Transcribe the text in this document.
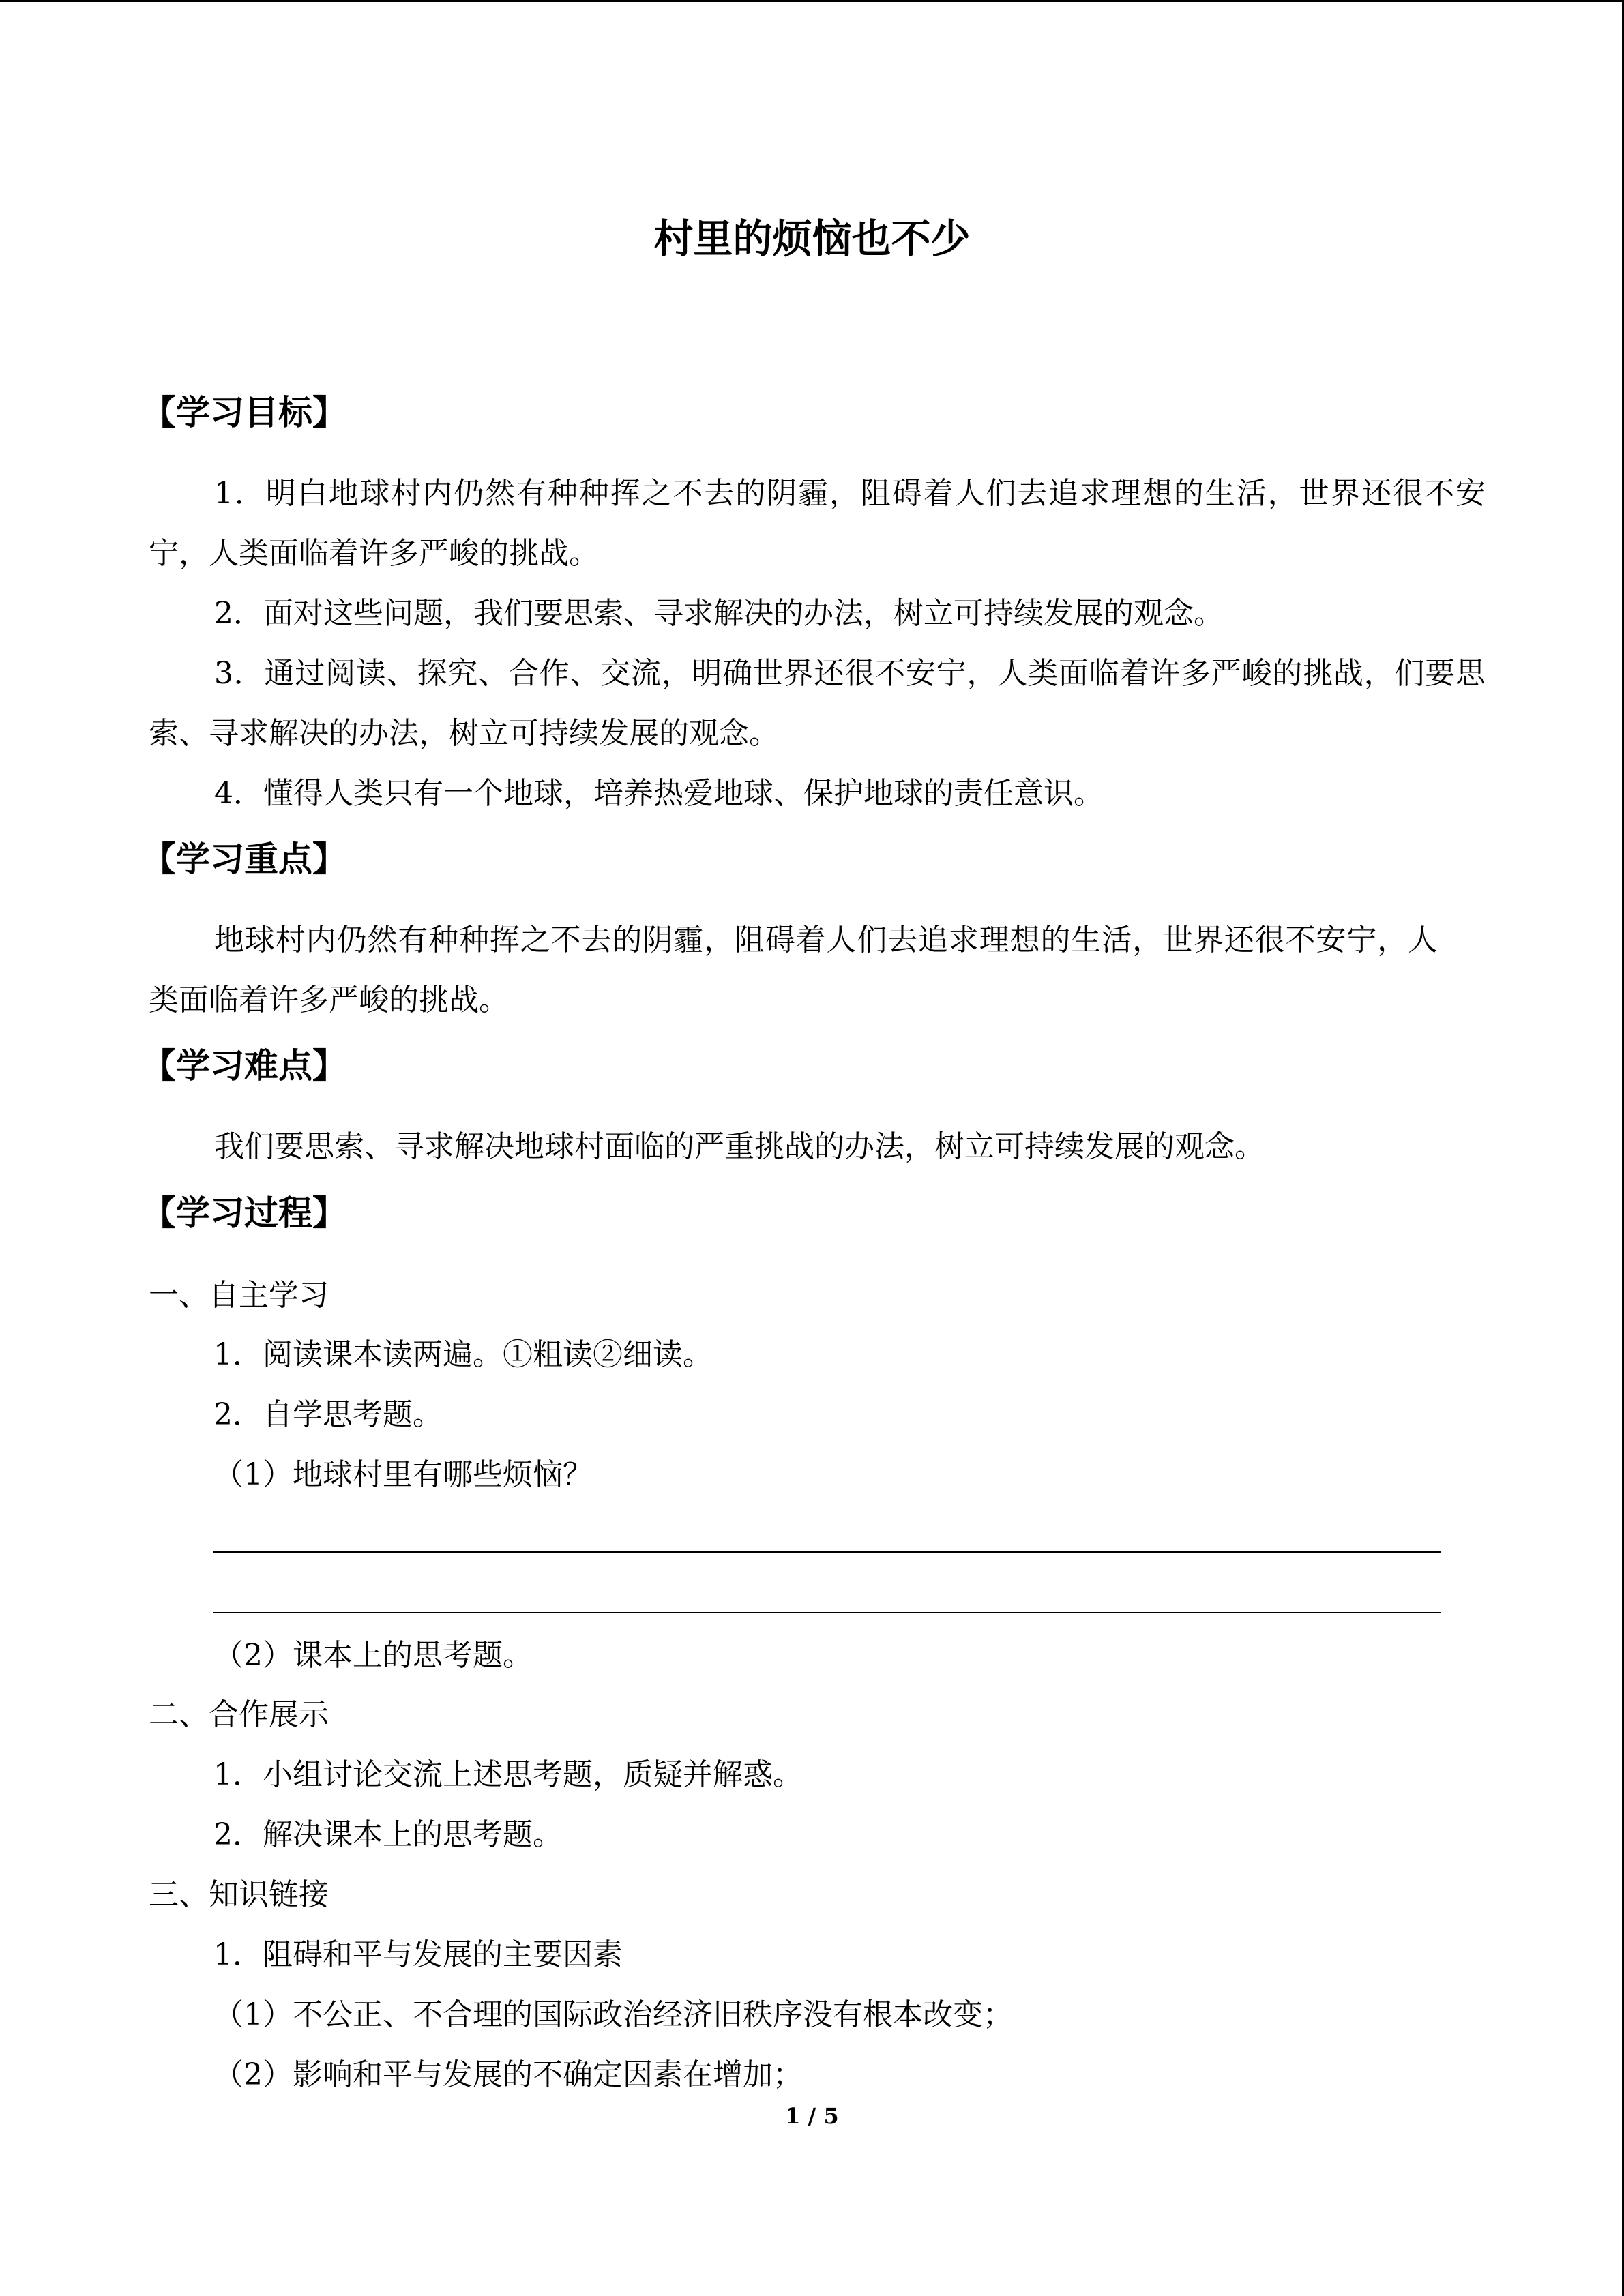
村里的烦恼也不少
【学习目标】
1．明白地球村内仍然有种种挥之不去的阴霾，阻碍着人们去追求理想的生活，世界还很不安宁，人类面临着许多严峻的挑战。
2．面对这些问题，我们要思索、寻求解决的办法，树立可持续发展的观念。
3．通过阅读、探究、合作、交流，明确世界还很不安宁，人类面临着许多严峻的挑战，们要思索、寻求解决的办法，树立可持续发展的观念。
4．懂得人类只有一个地球，培养热爱地球、保护地球的责任意识。
【学习重点】
地球村内仍然有种种挥之不去的阴霾，阻碍着人们去追求理想的生活，世界还很不安宁，人类面临着许多严峻的挑战。
【学习难点】
我们要思索、寻求解决地球村面临的严重挑战的办法，树立可持续发展的观念。
【学习过程】
一、自主学习
1．阅读课本读两遍。①粗读②细读。
2．自学思考题。
（1）地球村里有哪些烦恼？
（2）课本上的思考题。
二、合作展示
1．小组讨论交流上述思考题，质疑并解惑。
2．解决课本上的思考题。
三、知识链接
1．阻碍和平与发展的主要因素
（1）不公正、不合理的国际政治经济旧秩序没有根本改变；
（2）影响和平与发展的不确定因素在增加；
1 / 5
